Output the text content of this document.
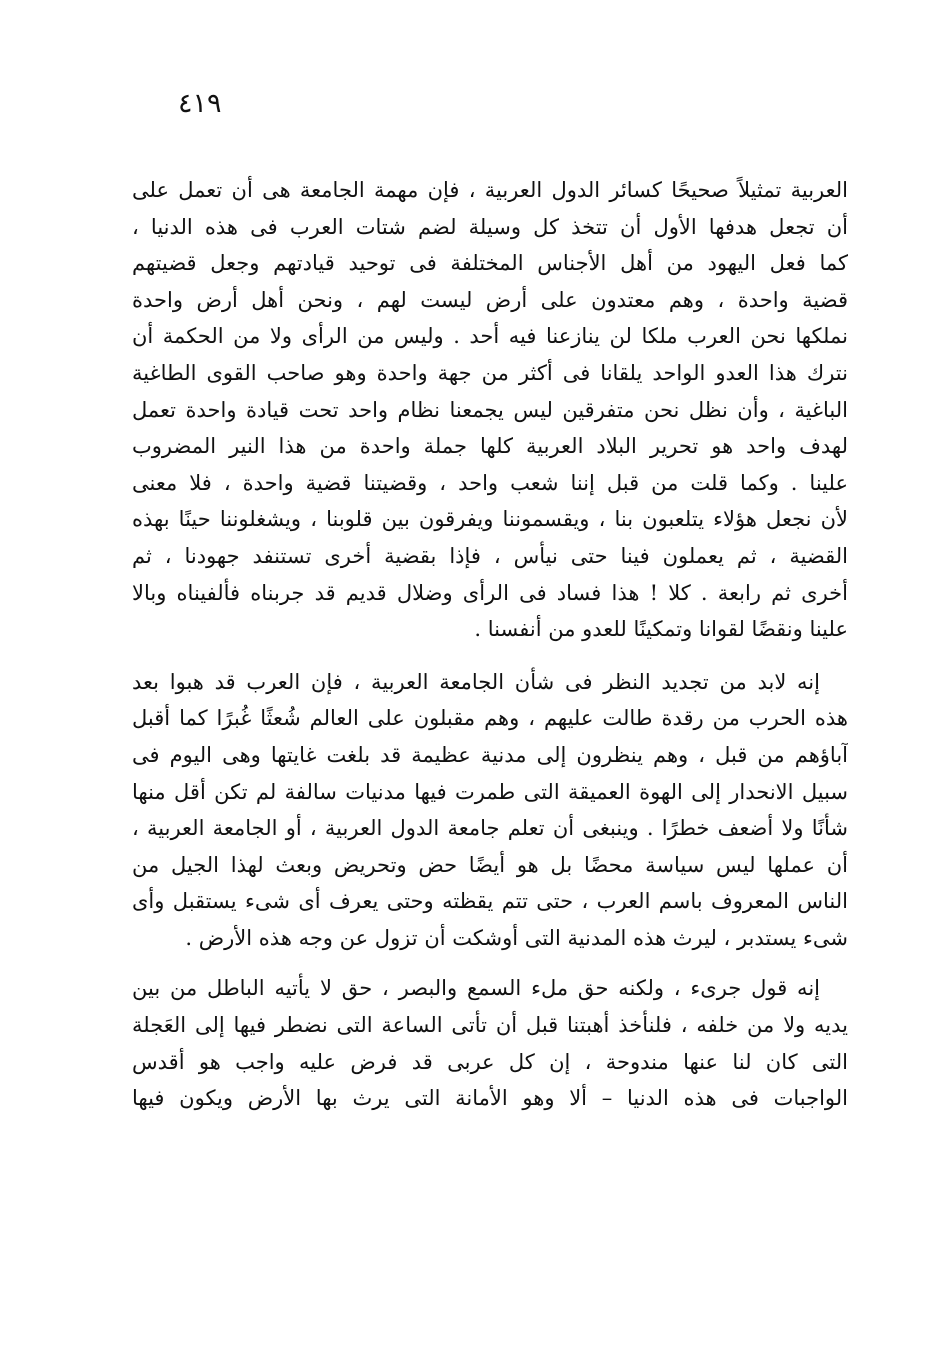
٤١٩
العربية تمثيلاً صحيحًا كسائر الدول العربية ، فإن مهمة الجامعة هى أن تعمل على
أن تجعل هدفها الأول أن تتخذ كل وسيلة لضم شتات العرب فى هذه الدنيا ،
كما فعل اليهود من أهل الأجناس المختلفة فى توحيد قيادتهم وجعل قضيتهم
قضية واحدة ، وهم معتدون على أرض ليست لهم ، ونحن أهل أرض واحدة
نملكها نحن العرب ملكا لن ينازعنا فيه أحد . وليس من الرأى ولا من الحكمة أن
نترك هذا العدو الواحد يلقانا فى أكثر من جهة واحدة وهو صاحب القوى الطاغية
الباغية ، وأن نظل نحن متفرقين ليس يجمعنا نظام واحد تحت قيادة واحدة تعمل
لهدف واحد هو تحرير البلاد العربية كلها جملة واحدة من هذا النير المضروب
علينا . وكما قلت من قبل إننا شعب واحد ، وقضيتنا قضية واحدة ، فلا معنى
لأن نجعل هؤلاء يتلعبون بنا ، ويقسموننا ويفرقون بين قلوبنا ، ويشغلوننا حينًا بهذه
القضية ، ثم يعملون فينا حتى نيأس ، فإذا بقضية أخرى تستنفد جهودنا ، ثم
أخرى ثم رابعة . كلا ! هذا فساد فى الرأى وضلال قديم قد جربناه فألفيناه وبالا
علينا ونقضًا لقوانا وتمكينًا للعدو من أنفسنا .
إنه لابد من تجديد النظر فى شأن الجامعة العربية ، فإن العرب قد هبوا بعد
هذه الحرب من رقدة طالت عليهم ، وهم مقبلون على العالم شُعثًا غُبرًا كما أقبل
آباؤهم من قبل ، وهم ينظرون إلى مدنية عظيمة قد بلغت غايتها وهى اليوم فى
سبيل الانحدار إلى الهوة العميقة التى طمرت فيها مدنيات سالفة لم تكن أقل منها
شأنًا ولا أضعف خطرًا . وينبغى أن تعلم جامعة الدول العربية ، أو الجامعة العربية ،
أن عملها ليس سياسة محضًا بل هو أيضًا حض وتحريض وبعث لهذا الجيل من
الناس المعروف باسم العرب ، حتى تتم يقظته وحتى يعرف أى شىء يستقبل وأى
شىء يستدبر ، ليرث هذه المدنية التى أوشكت أن تزول عن وجه هذه الأرض .
إنه قول جرىء ، ولكنه حق ملء السمع والبصر ، حق لا يأتيه الباطل من بين
يديه ولا من خلفه ، فلنأخذ أهبتنا قبل أن تأتى الساعة التى نضطر فيها إلى العَجلة
التى كان لنا عنها مندوحة ، إن كل عربى قد فرض عليه واجب هو أقدس
الواجبات فى هذه الدنيا – ألا وهو الأمانة التى يرث بها الأرض ويكون فيها
